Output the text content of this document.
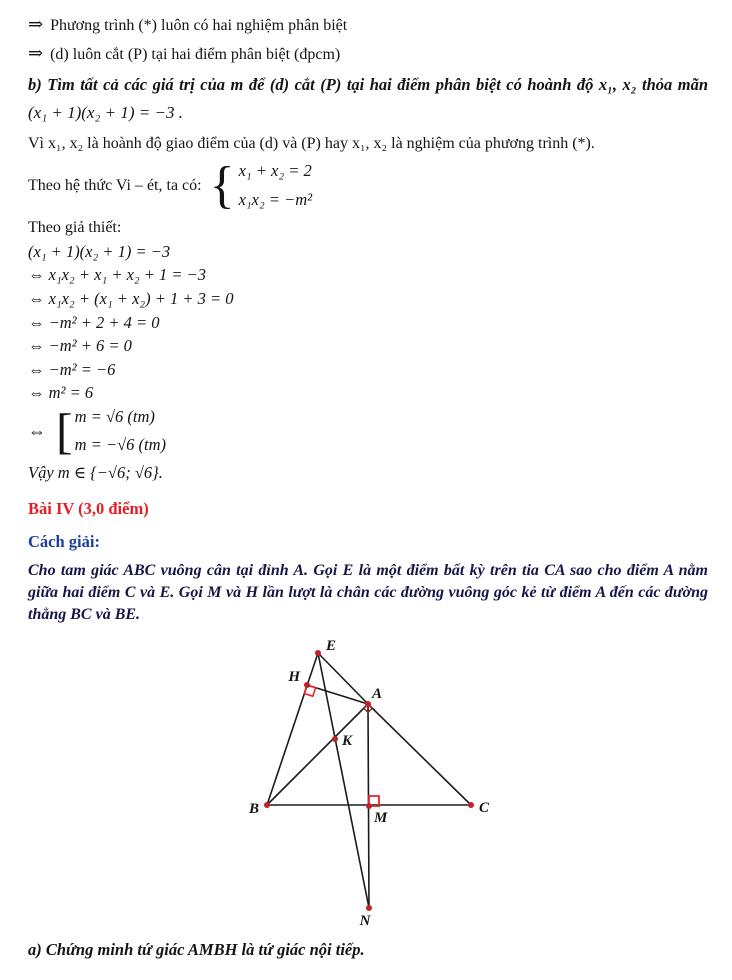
⇒ Phương trình (*) luôn có hai nghiệm phân biệt

⇒ (d) luôn cắt (P) tại hai điểm phân biệt (đpcm)

b) Tìm tất cả các giá trị của m để (d) cắt (P) tại hai điểm phân biệt có hoành độ x₁, x₂ thỏa mãn

(x₁ + 1)(x₂ + 1) = −3 .

Vì x₁, x₂ là hoành độ giao điểm của (d) và (P) hay x₁, x₂ là nghiệm của phương trình (*).

Theo hệ thức Vi – ét, ta có: { x₁ + x₂ = 2
x₁x₂ = −m²

Theo giả thiết:

(x₁ + 1)(x₂ + 1) = −3

⇔ x₁x₂ + x₁ + x₂ + 1 = −3

⇔ x₁x₂ + (x₁ + x₂) + 1 + 3 = 0

⇔ −m² + 2 + 4 = 0

⇔ −m² + 6 = 0

⇔ −m² = −6

⇔ m² = 6

⇔ [ m = √6 (tm)
m = −√6 (tm)

Vậy m ∈ {−√6; √6}.

Bài IV (3,0 điểm)

Cách giải:

Cho tam giác ABC vuông cân tại đỉnh A. Gọi E là một điểm bất kỳ trên tia CA sao cho điểm A nằm giữa hai điểm C và E. Gọi M và H lần lượt là chân các đường vuông góc kẻ từ điểm A đến các đường thẳng BC và BE.

E
H
A
K
B
M
C
N

a) Chứng minh tứ giác AMBH là tứ giác nội tiếp.
